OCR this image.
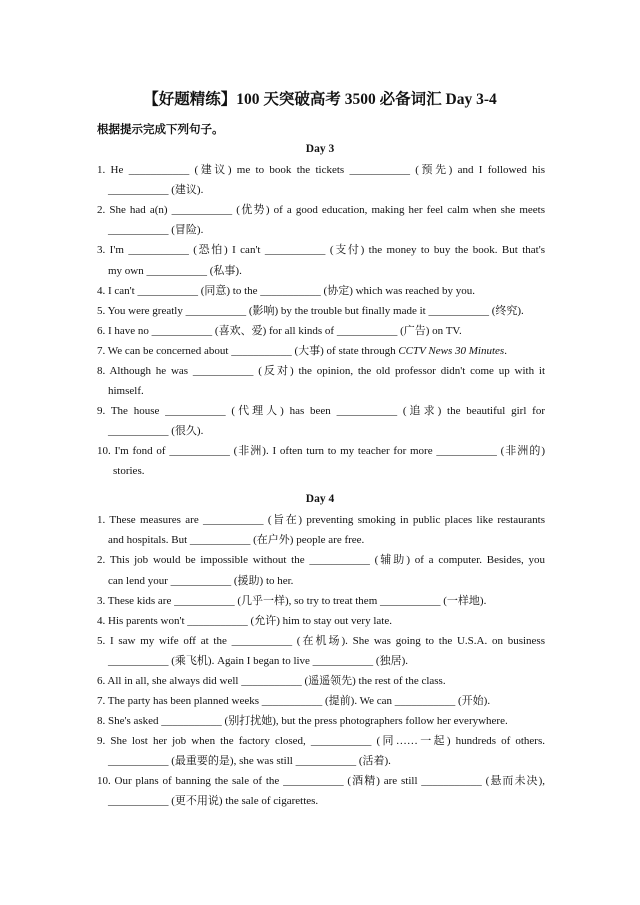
【好题精练】100 天突破高考 3500 必备词汇 Day 3-4
根据提示完成下列句子。
Day 3
1. He ___________ (建议) me to book the tickets ___________ (预先) and I followed his
___________ (建议).
2. She had a(n) ___________ (优势) of a good education, making her feel calm when she meets
___________ (冒险).
3. I'm ___________ (恐怕) I can't ___________ (支付) the money to buy the book. But that's
my own ___________ (私事).
4. I can't ___________ (同意) to the ___________ (协定) which was reached by you.
5. You were greatly ___________ (影响) by the trouble but finally made it ___________ (终究).
6. I have no ___________ (喜欢、爱) for all kinds of ___________ (广告) on TV.
7. We can be concerned about ___________ (大事) of state through CCTV News 30 Minutes.
8. Although he was ___________ (反对) the opinion, the old professor didn't come up with it
himself.
9. The house ___________ (代理人) has been ___________ (追求) the beautiful girl for
___________ (很久).
10. I'm fond of ___________ (非洲). I often turn to my teacher for more ___________ (非洲的)
stories.
Day 4
1. These measures are ___________ (旨在) preventing smoking in public places like restaurants
and hospitals. But ___________ (在户外) people are free.
2. This job would be impossible without the ___________ (辅助) of a computer. Besides, you
can lend your ___________ (援助) to her.
3. These kids are ___________ (几乎一样), so try to treat them ___________ (一样地).
4. His parents won't ___________ (允许) him to stay out very late.
5. I saw my wife off at the ___________ (在机场). She was going to the U.S.A. on business
___________ (乘飞机). Again I began to live ___________ (独居).
6. All in all, she always did well ___________ (遥遥领先) the rest of the class.
7. The party has been planned weeks ___________ (提前). We can ___________ (开始).
8. She's asked ___________ (别打扰她), but the press photographers follow her everywhere.
9. She lost her job when the factory closed, ___________ (同……一起) hundreds of others.
___________ (最重要的是), she was still ___________ (活着).
10. Our plans of banning the sale of the ___________ (酒精) are still ___________ (悬而未决),
___________ (更不用说) the sale of cigarettes.
